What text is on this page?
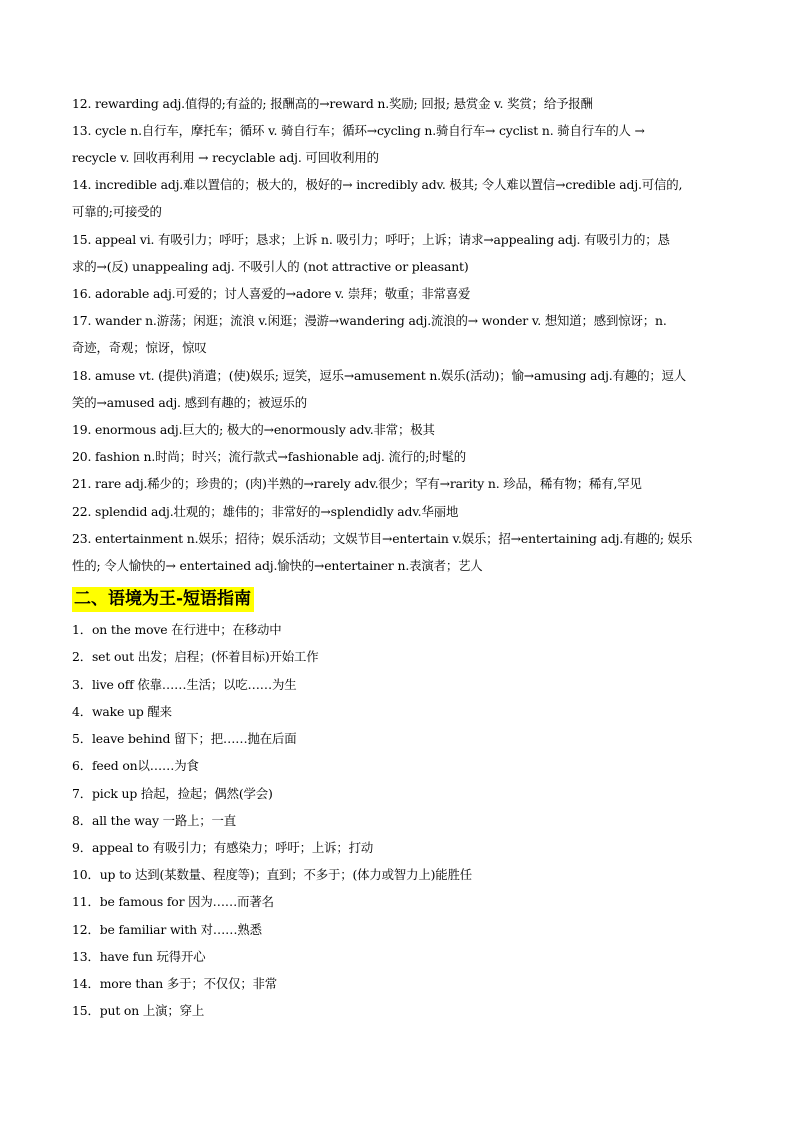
12. rewarding adj.值得的;有益的; 报酬高的→reward n.奖励; 回报; 悬赏金 v. 奖赏；给予报酬
13. cycle n.自行车，摩托车；循环 v. 骑自行车；循环→cycling n.骑自行车→ cyclist n. 骑自行车的人 →
recycle v. 回收再利用 → recyclable adj. 可回收利用的
14. incredible adj.难以置信的；极大的，极好的→ incredibly adv. 极其; 令人难以置信→credible adj.可信的,
可靠的;可接受的
15. appeal vi. 有吸引力；呼吁；恳求；上诉 n. 吸引力；呼吁；上诉；请求→appealing adj. 有吸引力的；恳
求的→(反) unappealing adj. 不吸引人的 (not attractive or pleasant)
16. adorable adj.可爱的；讨人喜爱的→adore v. 崇拜；敬重；非常喜爱
17. wander n.游荡；闲逛；流浪 v.闲逛；漫游→wandering adj.流浪的→ wonder v. 想知道；感到惊讶；n.
奇迹，奇观；惊讶，惊叹
18. amuse vt. (提供)消遣；(使)娱乐; 逗笑，逗乐→amusement n.娱乐(活动)；愉→amusing adj.有趣的；逗人
笑的→amused adj. 感到有趣的；被逗乐的
19. enormous adj.巨大的; 极大的→enormously adv.非常；极其
20. fashion n.时尚；时兴；流行款式→fashionable adj. 流行的;时髦的
21. rare adj.稀少的；珍贵的；(肉)半熟的→rarely adv.很少；罕有→rarity n. 珍品，稀有物；稀有,罕见
22. splendid adj.壮观的；雄伟的；非常好的→splendidly adv.华丽地
23. entertainment n.娱乐；招待；娱乐活动；文娱节目→entertain v.娱乐；招→entertaining adj.有趣的; 娱乐
性的; 令人愉快的→ entertained adj.愉快的→entertainer n.表演者；艺人
二、语境为王-短语指南
1．on the move 在行进中；在移动中
2．set out 出发；启程；(怀着目标)开始工作
3．live off 依靠……生活；以吃……为生
4．wake up 醒来
5．leave behind 留下；把……抛在后面
6．feed on以……为食
7．pick up 拾起，捡起；偶然(学会)
8．all the way 一路上；一直
9．appeal to 有吸引力；有感染力；呼吁；上诉；打动
10．up to 达到(某数量、程度等)；直到；不多于；(体力或智力上)能胜任
11．be famous for 因为……而著名
12．be familiar with 对……熟悉
13．have fun 玩得开心
14．more than 多于；不仅仅；非常
15．put on 上演；穿上
